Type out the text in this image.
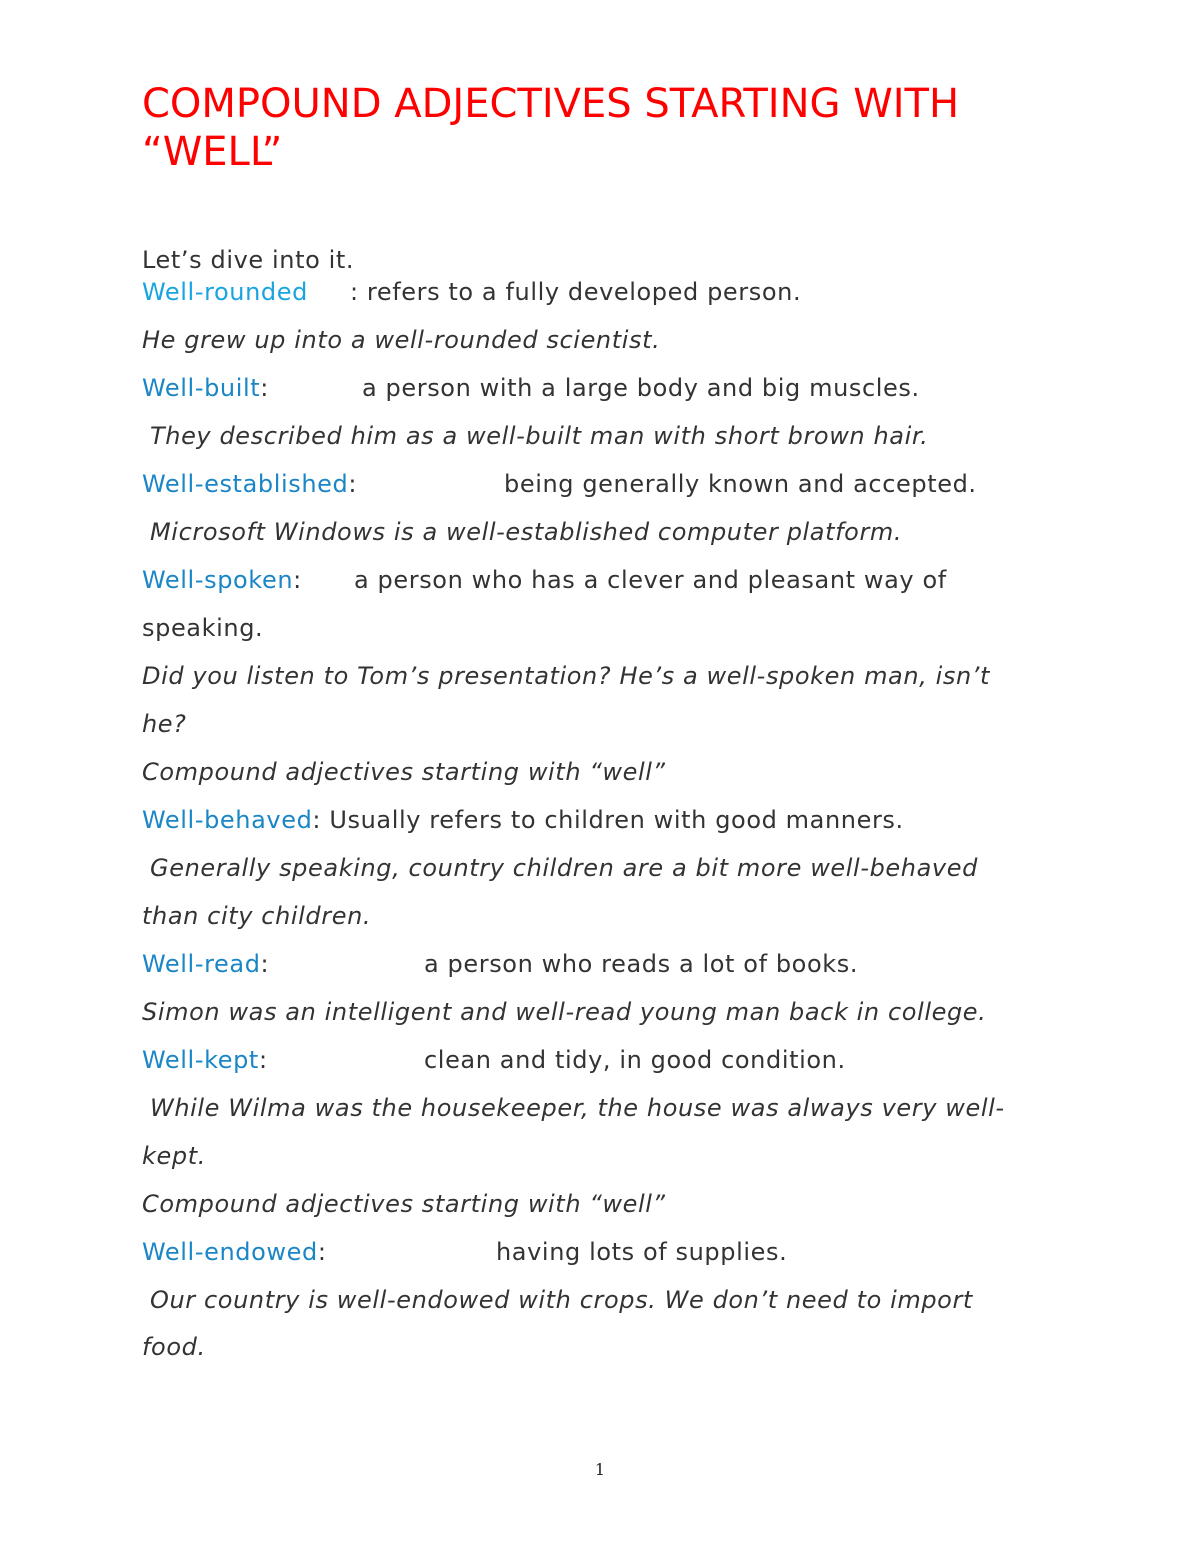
COMPOUND ADJECTIVES STARTING WITH “WELL”
Let’s dive into it.
Well-rounded : refers to a fully developed person.
He grew up into a well-rounded scientist.
Well-built:	a person with a large body and big muscles.
They described him as a well-built man with short brown hair.
Well-established:	being generally known and accepted.
Microsoft Windows is a well-established computer platform.
Well-spoken: a person who has a clever and pleasant way of
speaking.
Did you listen to Tom’s presentation? He’s a well-spoken man, isn’t
he?
Compound adjectives starting with “well”
Well-behaved: Usually refers to children with good manners.
Generally speaking, country children are a bit more well-behaved
than city children.
Well-read:	a person who reads a lot of books.
Simon was an intelligent and well-read young man back in college.
Well-kept:	clean and tidy, in good condition.
While Wilma was the housekeeper, the house was always very well-
kept.
Compound adjectives starting with “well”
Well-endowed:	having lots of supplies.
Our country is well-endowed with crops. We don’t need to import
food.
1
